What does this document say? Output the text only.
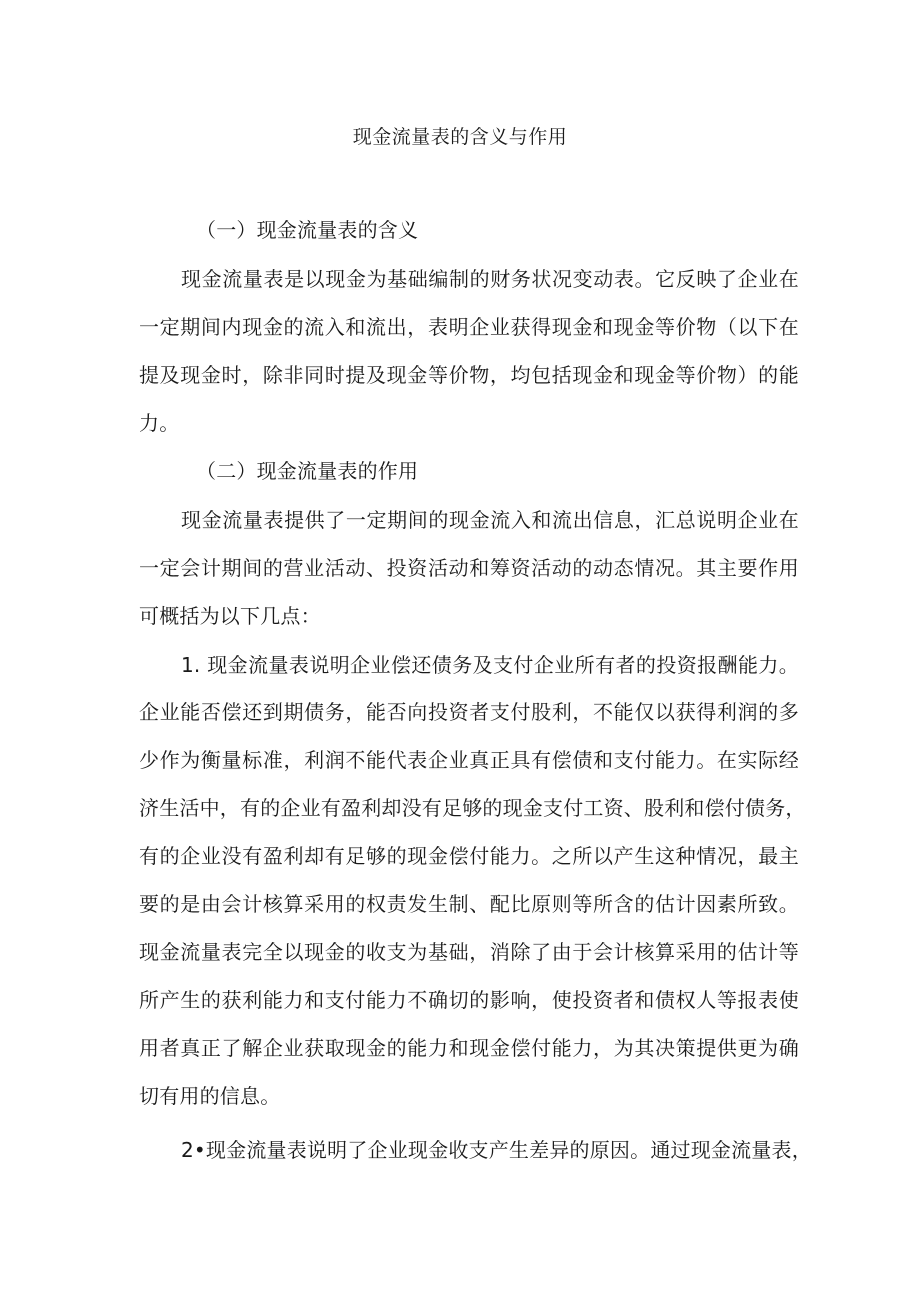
现金流量表的含义与作用
（一）现金流量表的含义
现金流量表是以现金为基础编制的财务状况变动表。它反映了企业在
一定期间内现金的流入和流出，表明企业获得现金和现金等价物（以下在
提及现金时，除非同时提及现金等价物，均包括现金和现金等价物）的能
力。
（二）现金流量表的作用
现金流量表提供了一定期间的现金流入和流出信息，汇总说明企业在
一定会计期间的营业活动、投资活动和筹资活动的动态情况。其主要作用
可概括为以下几点：
1. 现金流量表说明企业偿还债务及支付企业所有者的投资报酬能力。
企业能否偿还到期债务，能否向投资者支付股利，不能仅以获得利润的多
少作为衡量标准，利润不能代表企业真正具有偿债和支付能力。在实际经
济生活中，有的企业有盈利却没有足够的现金支付工资、股利和偿付债务，
有的企业没有盈利却有足够的现金偿付能力。之所以产生这种情况，最主
要的是由会计核算采用的权责发生制、配比原则等所含的估计因素所致。
现金流量表完全以现金的收支为基础，消除了由于会计核算采用的估计等
所产生的获利能力和支付能力不确切的影响，使投资者和债权人等报表使
用者真正了解企业获取现金的能力和现金偿付能力，为其决策提供更为确
切有用的信息。
2•现金流量表说明了企业现金收支产生差异的原因。通过现金流量表，
